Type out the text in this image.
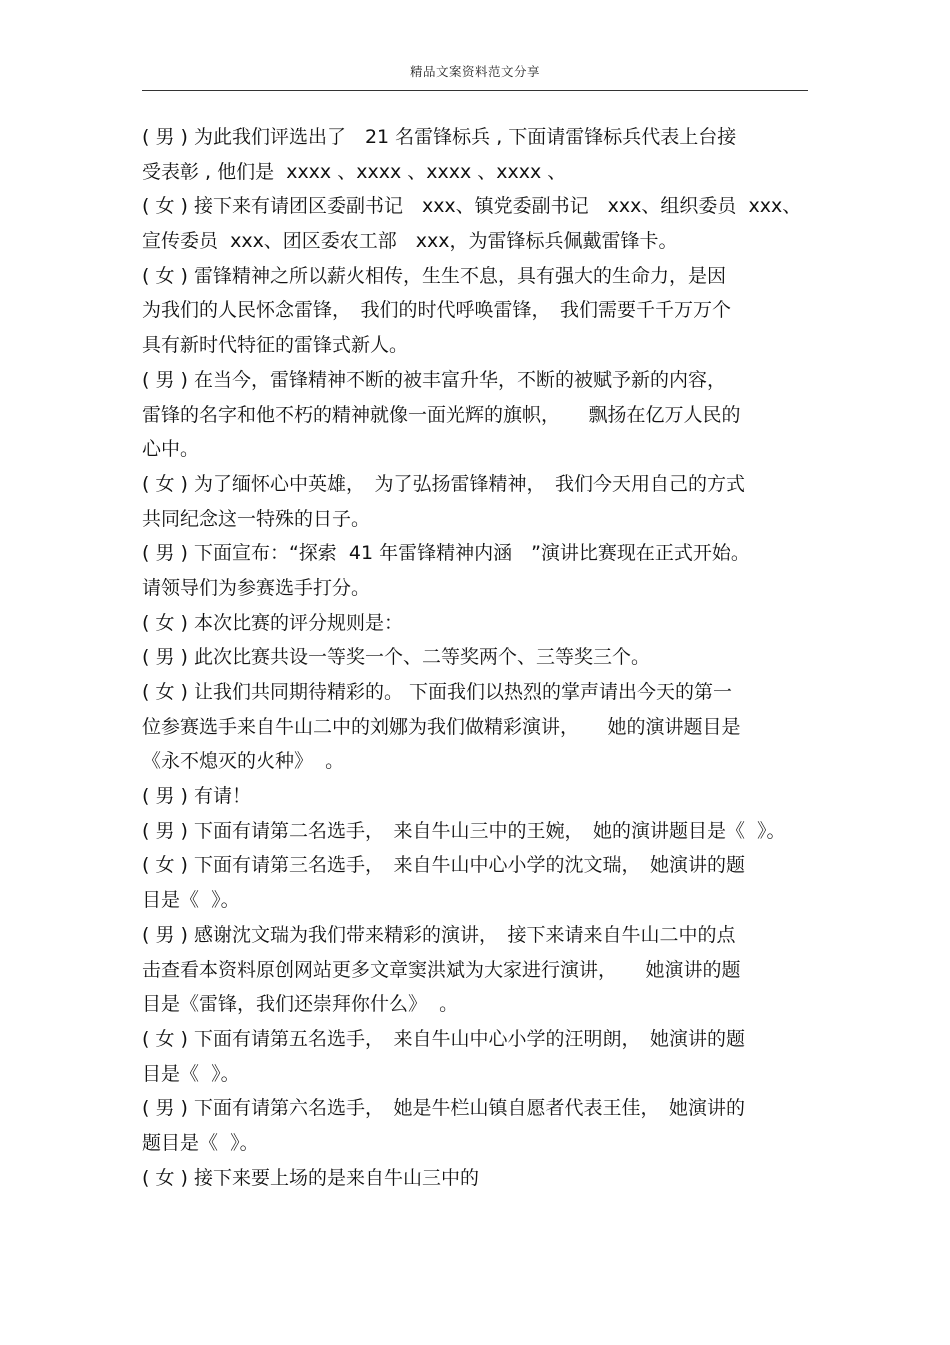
精品文案资料范文分享
( 男 ) 为此我们评选出了　21 名雷锋标兵 , 下面请雷锋标兵代表上台接
受表彰 , 他们是  xxxx 、xxxx 、xxxx 、xxxx 、
( 女 ) 接下来有请团区委副书记　xxx、镇党委副书记　xxx、组织委员  xxx、
宣传委员  xxx、团区委农工部　xxx，为雷锋标兵佩戴雷锋卡。
( 女 ) 雷锋精神之所以薪火相传，生生不息，具有强大的生命力，是因
为我们的人民怀念雷锋，　我们的时代呼唤雷锋，　我们需要千千万万个
具有新时代特征的雷锋式新人。
( 男 ) 在当今，雷锋精神不断的被丰富升华，不断的被赋予新的内容，
雷锋的名字和他不朽的精神就像一面光辉的旗帜，　　飘扬在亿万人民的
心中。
( 女 ) 为了缅怀心中英雄，　为了弘扬雷锋精神，　我们今天用自己的方式
共同纪念这一特殊的日子。
( 男 ) 下面宣布：“探索  41 年雷锋精神内涵　”演讲比赛现在正式开始。
请领导们为参赛选手打分。
( 女 ) 本次比赛的评分规则是：
( 男 ) 此次比赛共设一等奖一个、二等奖两个、三等奖三个。
( 女 ) 让我们共同期待精彩的。 下面我们以热烈的掌声请出今天的第一
位参赛选手来自牛山二中的刘娜为我们做精彩演讲，　　她的演讲题目是
《永不熄灭的火种》  。
( 男 ) 有请！
( 男 ) 下面有请第二名选手，　来自牛山三中的王婉，　她的演讲题目是《  》。
( 女 ) 下面有请第三名选手，　来自牛山中心小学的沈文瑞，　她演讲的题
目是《  》。
( 男 ) 感谢沈文瑞为我们带来精彩的演讲，　接下来请来自牛山二中的点
击查看本资料原创网站更多文章窦洪斌为大家进行演讲，　　她演讲的题
目是《雷锋，我们还崇拜你什么》  。
( 女 ) 下面有请第五名选手，　来自牛山中心小学的汪明朗，　她演讲的题
目是《  》。
( 男 ) 下面有请第六名选手，　她是牛栏山镇自愿者代表王佳，　她演讲的
题目是《  》。
( 女 ) 接下来要上场的是来自牛山三中的
